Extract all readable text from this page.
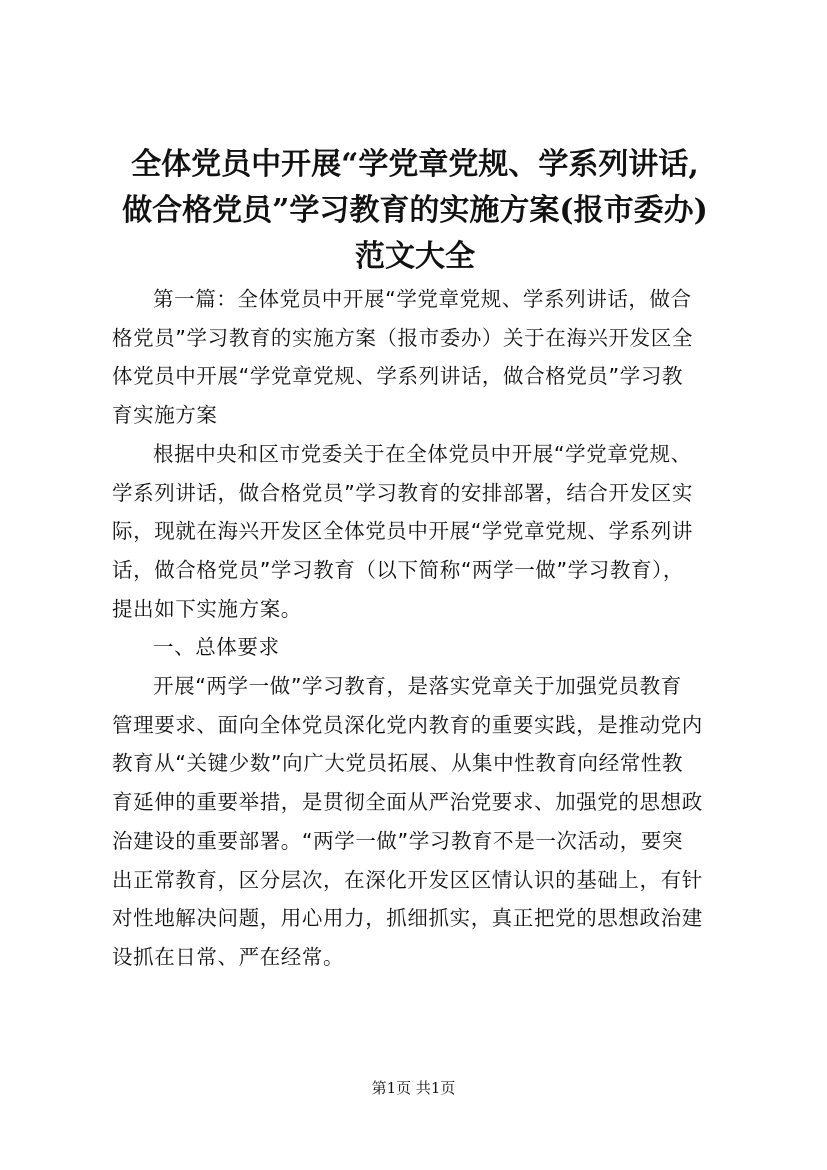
全体党员中开展“学党章党规、学系列讲话,
做合格党员”学习教育的实施方案(报市委办)
范文大全
第一篇：全体党员中开展“学党章党规、学系列讲话，做合
格党员”学习教育的实施方案（报市委办）关于在海兴开发区全
体党员中开展“学党章党规、学系列讲话，做合格党员”学习教
育实施方案
根据中央和区市党委关于在全体党员中开展“学党章党规、
学系列讲话，做合格党员”学习教育的安排部署，结合开发区实
际，现就在海兴开发区全体党员中开展“学党章党规、学系列讲
话，做合格党员”学习教育（以下简称“两学一做”学习教育），
提出如下实施方案。
一、总体要求
开展“两学一做”学习教育，是落实党章关于加强党员教育
管理要求、面向全体党员深化党内教育的重要实践，是推动党内
教育从“关键少数”向广大党员拓展、从集中性教育向经常性教
育延伸的重要举措，是贯彻全面从严治党要求、加强党的思想政
治建设的重要部署。“两学一做”学习教育不是一次活动，要突
出正常教育，区分层次，在深化开发区区情认识的基础上，有针
对性地解决问题，用心用力，抓细抓实，真正把党的思想政治建
设抓在日常、严在经常。
第1页 共1页
